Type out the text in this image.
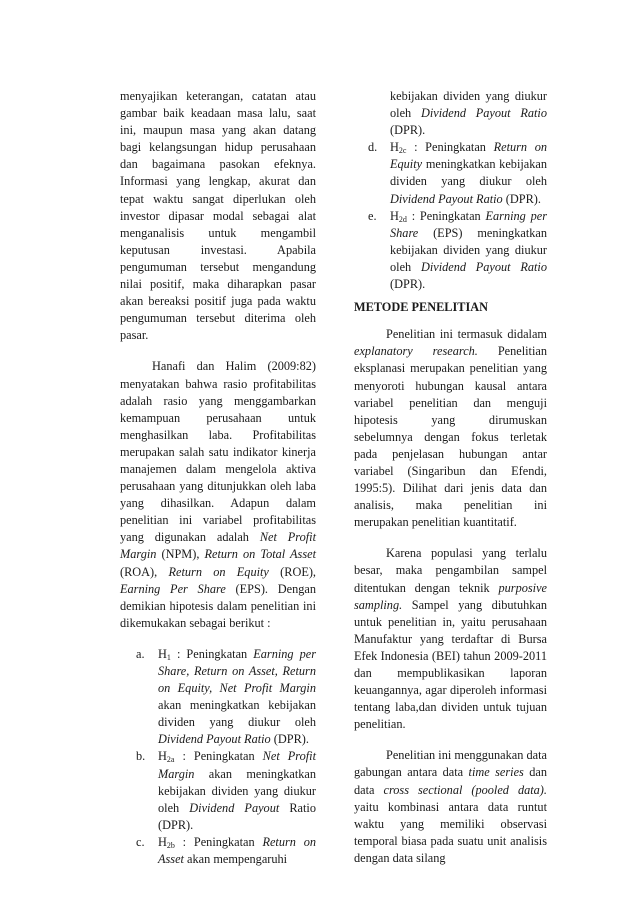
menyajikan keterangan, catatan atau gambar baik keadaan masa lalu, saat ini, maupun masa yang akan datang bagi kelangsungan hidup perusahaan dan bagaimana pasokan efeknya. Informasi yang lengkap, akurat dan tepat waktu sangat diperlukan oleh investor dipasar modal sebagai alat menganalisis untuk mengambil keputusan investasi. Apabila pengumuman tersebut mengandung nilai positif, maka diharapkan pasar akan bereaksi positif juga pada waktu pengumuman tersebut diterima oleh pasar.

Hanafi dan Halim (2009:82) menyatakan bahwa rasio profitabilitas adalah rasio yang menggambarkan kemampuan perusahaan untuk menghasilkan laba. Profitabilitas merupakan salah satu indikator kinerja manajemen dalam mengelola aktiva perusahaan yang ditunjukkan oleh laba yang dihasilkan. Adapun dalam penelitian ini variabel profitabilitas yang digunakan adalah Net Profit Margin (NPM), Return on Total Asset (ROA), Return on Equity (ROE), Earning Per Share (EPS). Dengan demikian hipotesis dalam penelitian ini dikemukakan sebagai berikut :

a. $H_1$ : Peningkatan Earning per Share, Return on Asset, Return on Equity, Net Profit Margin akan meningkatkan kebijakan dividen yang diukur oleh Dividend Payout Ratio (DPR).
b. $H_{2a}$ : Peningkatan Net Profit Margin akan meningkatkan kebijakan dividen yang diukur oleh Dividend Payout Ratio (DPR).
c. $H_{2b}$ : Peningkatan Return on Asset akan mempengaruhi
kebijakan dividen yang diukur oleh Dividend Payout Ratio (DPR).
d. $H_{2c}$ : Peningkatan Return on Equity meningkatkan kebijakan dividen yang diukur oleh Dividend Payout Ratio (DPR).
e. $H_{2d}$ : Peningkatan Earning per Share (EPS) meningkatkan kebijakan dividen yang diukur oleh Dividend Payout Ratio (DPR).

METODE PENELITIAN

Penelitian ini termasuk didalam explanatory research. Penelitian eksplanasi merupakan penelitian yang menyoroti hubungan kausal antara variabel penelitian dan menguji hipotesis yang dirumuskan sebelumnya dengan fokus terletak pada penjelasan hubungan antar variabel (Singaribun dan Efendi, 1995:5). Dilihat dari jenis data dan analisis, maka penelitian ini merupakan penelitian kuantitatif.

Karena populasi yang terlalu besar, maka pengambilan sampel ditentukan dengan teknik purposive sampling. Sampel yang dibutuhkan untuk penelitian in, yaitu perusahaan Manufaktur yang terdaftar di Bursa Efek Indonesia (BEI) tahun 2009-2011 dan mempublikasikan laporan keuangannya, agar diperoleh informasi tentang laba,dan dividen untuk tujuan penelitian.

Penelitian ini menggunakan data gabungan antara data time series dan data cross sectional (pooled data). yaitu kombinasi antara data runtut waktu yang memiliki observasi temporal biasa pada suatu unit analisis dengan data silang
